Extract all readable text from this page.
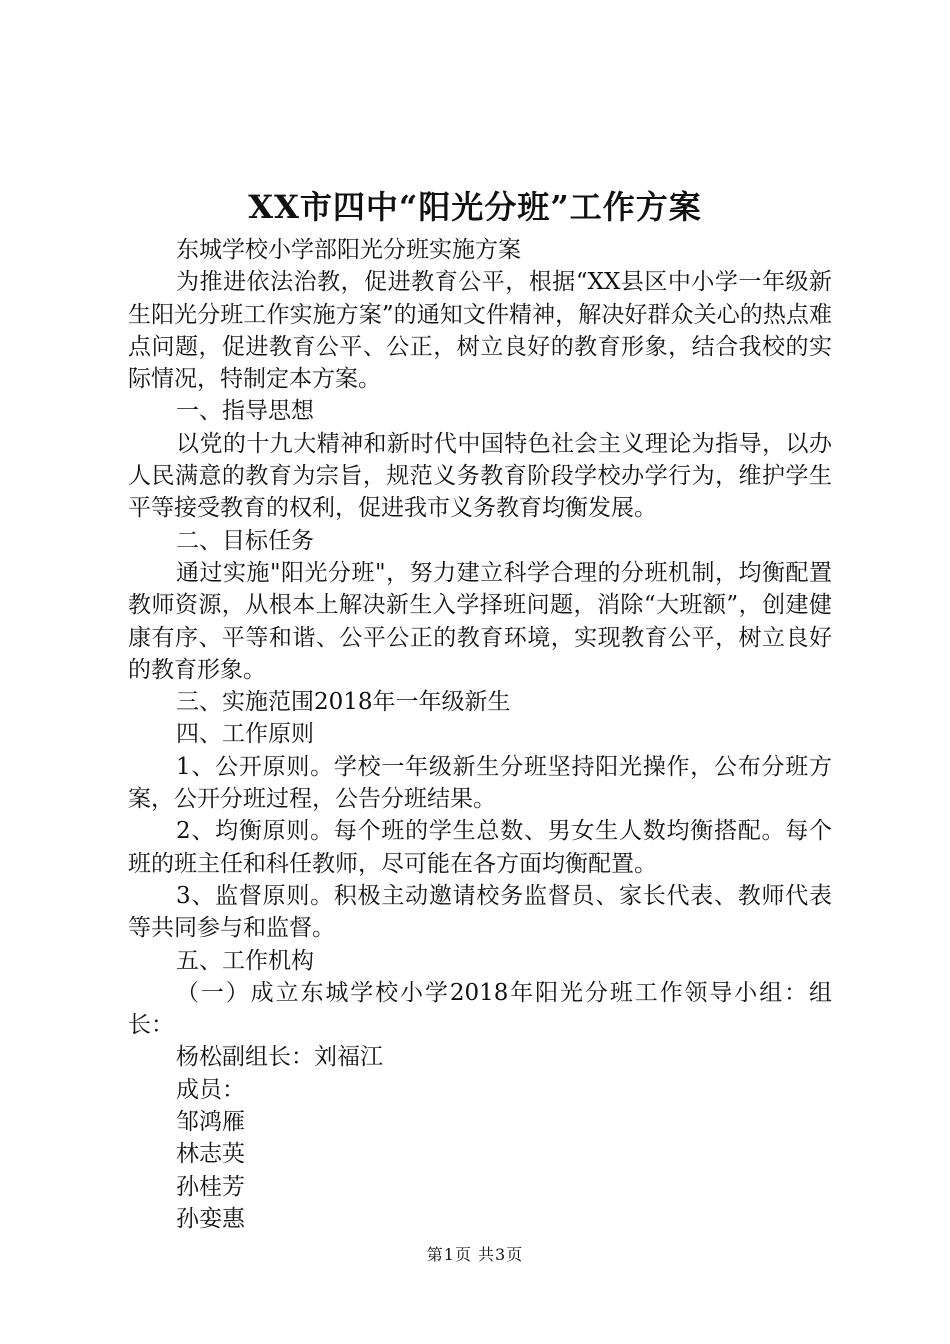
XX市四中“阳光分班”工作方案

东城学校小学部阳光分班实施方案

为推进依法治教，促进教育公平，根据“XX县区中小学一年级新生阳光分班工作实施方案”的通知文件精神，解决好群众关心的热点难点问题，促进教育公平、公正，树立良好的教育形象，结合我校的实际情况，特制定本方案。

一、指导思想

以党的十九大精神和新时代中国特色社会主义理论为指导，以办人民满意的教育为宗旨，规范义务教育阶段学校办学行为，维护学生平等接受教育的权利，促进我市义务教育均衡发展。

二、目标任务

通过实施"阳光分班"，努力建立科学合理的分班机制，均衡配置教师资源，从根本上解决新生入学择班问题，消除“大班额”，创建健康有序、平等和谐、公平公正的教育环境，实现教育公平，树立良好的教育形象。

三、实施范围2018年一年级新生

四、工作原则

1、公开原则。学校一年级新生分班坚持阳光操作，公布分班方案，公开分班过程，公告分班结果。

2、均衡原则。每个班的学生总数、男女生人数均衡搭配。每个班的班主任和科任教师，尽可能在各方面均衡配置。

3、监督原则。积极主动邀请校务监督员、家长代表、教师代表等共同参与和监督。

五、工作机构

（一）成立东城学校小学2018年阳光分班工作领导小组：组长：

杨松副组长：刘福江

成员：

邹鸿雁

林志英

孙桂芳

孙娈惠

第1页 共3页
